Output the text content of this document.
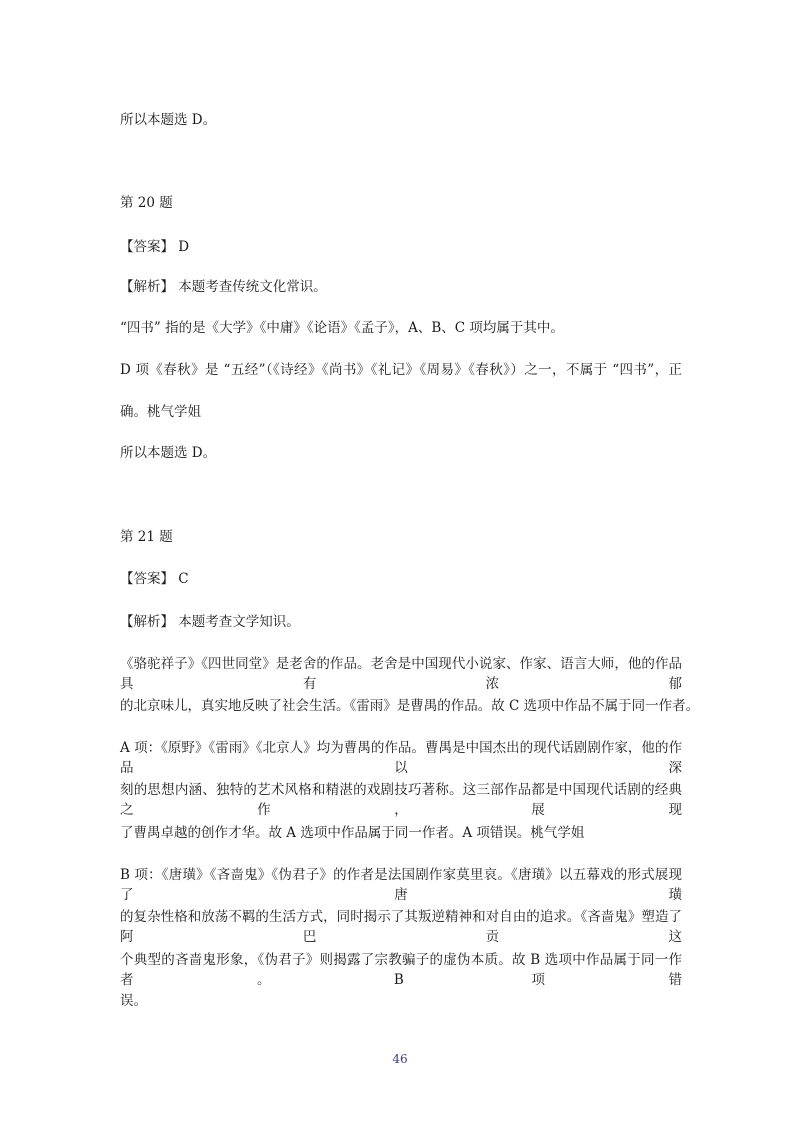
所以本题选 D。
第 20 题
【答案】 D
【解析】 本题考查传统文化常识。
“四书” 指的是《大学》《中庸》《论语》《孟子》，A、B、C 项均属于其中。
D 项《春秋》是 “五经”（《诗经》《尚书》《礼记》《周易》《春秋》）之一，不属于 “四书”，正
确。桃气学姐
所以本题选 D。
第 21 题
【答案】 C
【解析】 本题考查文学知识。
《骆驼祥子》《四世同堂》是老舍的作品。老舍是中国现代小说家、作家、语言大师，他的作品具有浓郁
的北京味儿，真实地反映了社会生活。《雷雨》是曹禺的作品。故 C 选项中作品不属于同一作者。
A 项：《原野》《雷雨》《北京人》均为曹禺的作品。曹禺是中国杰出的现代话剧剧作家，他的作品以深
刻的思想内涵、独特的艺术风格和精湛的戏剧技巧著称。这三部作品都是中国现代话剧的经典之作，展现
了曹禺卓越的创作才华。故 A 选项中作品属于同一作者。A 项错误。桃气学姐
B 项：《唐璜》《吝啬鬼》《伪君子》的作者是法国剧作家莫里哀。《唐璜》以五幕戏的形式展现了唐璜
的复杂性格和放荡不羁的生活方式，同时揭示了其叛逆精神和对自由的追求。《吝啬鬼》塑造了阿巴贡这
个典型的吝啬鬼形象，《伪君子》则揭露了宗教骗子的虚伪本质。故 B 选项中作品属于同一作者。B 项错
误。
46
